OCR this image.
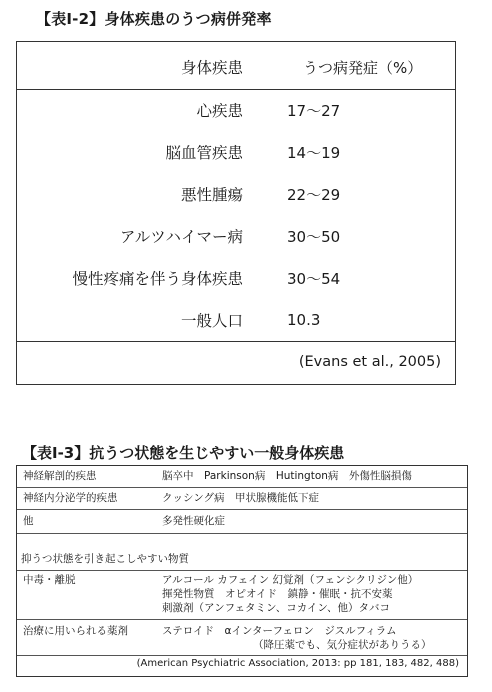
【表Ⅰ-2】身体疾患のうつ病併発率
身体疾患	うつ病発症（%）
心疾患	17～27
脳血管疾患	14～19
悪性腫瘍	22～29
アルツハイマー病	30～50
慢性疼痛を伴う身体疾患	30～54
一般人口	10.3
(Evans et al., 2005)
【表Ⅰ-3】抗うつ状態を生じやすい一般身体疾患
神経解剖的疾患	脳卒中　Parkinson病　Hutington病　外傷性脳損傷
神経内分泌学的疾患	クッシング病　甲状腺機能低下症
他	多発性硬化症
抑うつ状態を引き起こしやすい物質
中毒・離脱	アルコール カフェイン 幻覚剤（フェンシクリジン他）
揮発性物質　オピオイド　鎮静・催眠・抗不安薬
刺激剤（アンフェタミン、コカイン、他）タバコ
治療に用いられる薬剤	ステロイド　αインターフェロン　ジスルフィラム
（降圧薬でも、気分症状がありうる）
(American Psychiatric Association, 2013: pp 181, 183, 482, 488)
